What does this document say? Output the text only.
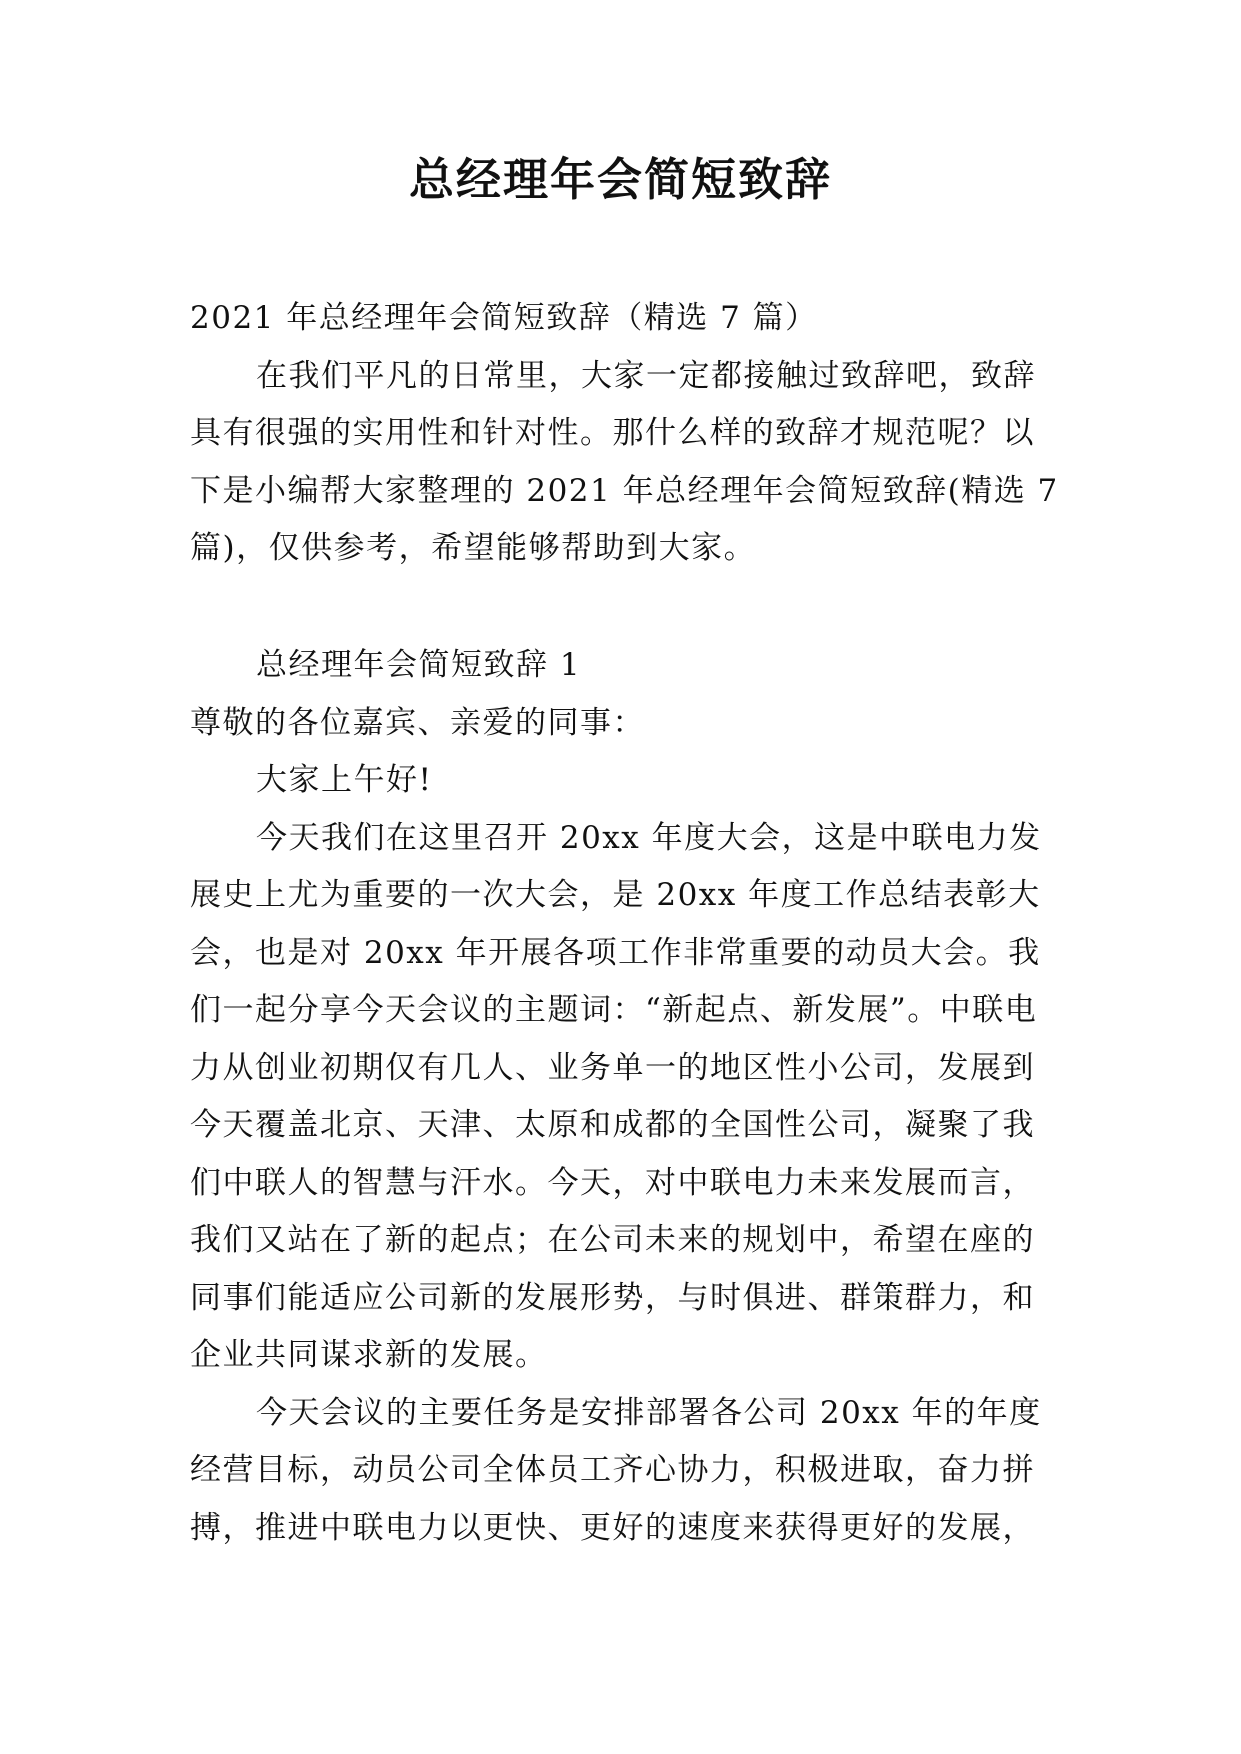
总经理年会简短致辞

2021 年总经理年会简短致辞（精选 7 篇）

在我们平凡的日常里，大家一定都接触过致辞吧，致辞

具有很强的实用性和针对性。那什么样的致辞才规范呢？以

下是小编帮大家整理的 2021 年总经理年会简短致辞(精选 7

篇)，仅供参考，希望能够帮助到大家。

总经理年会简短致辞 1

尊敬的各位嘉宾、亲爱的同事：

大家上午好!

今天我们在这里召开 20xx 年度大会，这是中联电力发

展史上尤为重要的一次大会，是 20xx 年度工作总结表彰大

会，也是对 20xx 年开展各项工作非常重要的动员大会。我

们一起分享今天会议的主题词：“新起点、新发展”。中联电

力从创业初期仅有几人、业务单一的地区性小公司，发展到

今天覆盖北京、天津、太原和成都的全国性公司，凝聚了我

们中联人的智慧与汗水。今天，对中联电力未来发展而言，

我们又站在了新的起点；在公司未来的规划中，希望在座的

同事们能适应公司新的发展形势，与时俱进、群策群力，和

企业共同谋求新的发展。

今天会议的主要任务是安排部署各公司 20xx 年的年度

经营目标，动员公司全体员工齐心协力，积极进取，奋力拼

搏，推进中联电力以更快、更好的速度来获得更好的发展，
